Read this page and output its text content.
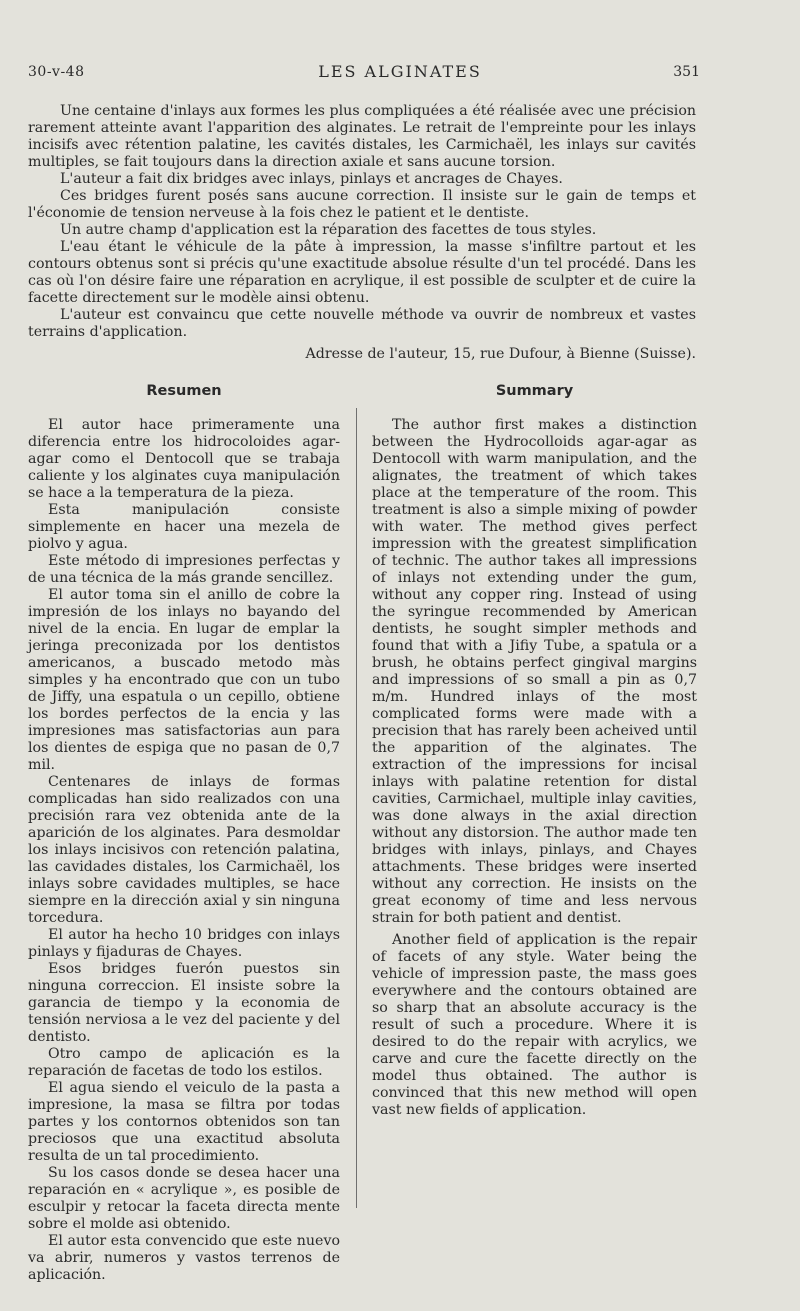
30-v-48	LES ALGINATES	351

Une centaine d'inlays aux formes les plus compliquées a été réalisée avec une précision rarement atteinte avant l'apparition des alginates. Le retrait de l'empreinte pour les inlays incisifs avec rétention palatine, les cavités distales, les Carmichaël, les inlays sur cavités multiples, se fait toujours dans la direction axiale et sans aucune torsion.

L'auteur a fait dix bridges avec inlays, pinlays et ancrages de Chayes.

Ces bridges furent posés sans aucune correction. Il insiste sur le gain de temps et l'économie de tension nerveuse à la fois chez le patient et le dentiste.

Un autre champ d'application est la réparation des facettes de tous styles.

L'eau étant le véhicule de la pâte à impression, la masse s'infiltre partout et les contours obtenus sont si précis qu'une exactitude absolue résulte d'un tel procédé. Dans les cas où l'on désire faire une réparation en acrylique, il est possible de sculpter et de cuire la facette directement sur le modèle ainsi obtenu.

L'auteur est convaincu que cette nouvelle méthode va ouvrir de nombreux et vastes terrains d'application.

Adresse de l'auteur, 15, rue Dufour, à Bienne (Suisse).

Resumen

El autor hace primeramente una diferencia entre los hidrocoloides agar-agar como el Dentocoll que se trabaja caliente y los alginates cuya manipulación se hace a la temperatura de la pieza.

Esta manipulación consiste simplemente en hacer una mezela de piolvo y agua.

Este método di impresiones perfectas y de una técnica de la más grande sencillez.

El autor toma sin el anillo de cobre la impresión de los inlays no bayando del nivel de la encia. En lugar de emplar la jeringa preconizada por los dentistos americanos, a buscado metodo màs simples y ha encontrado que con un tubo de Jiffy, una espatula o un cepillo, obtiene los bordes perfectos de la encia y las impresiones mas satisfactorias aun para los dientes de espiga que no pasan de 0,7 mil.

Centenares de inlays de formas complicadas han sido realizados con una precisión rara vez obtenida ante de la aparición de los alginates. Para desmoldar los inlays incisivos con retención palatina, las cavidades distales, los Carmichaël, los inlays sobre cavidades multiples, se hace siempre en la dirección axial y sin ninguna torcedura.

El autor ha hecho 10 bridges con inlays pinlays y fijaduras de Chayes.

Esos bridges fuerón puestos sin ninguna correccion. El insiste sobre la garancia de tiempo y la economia de tensión nerviosa a le vez del paciente y del dentisto.

Otro campo de aplicación es la reparación de facetas de todo los estilos.

El agua siendo el veiculo de la pasta a impresione, la masa se filtra por todas partes y los contornos obtenidos son tan preciosos que una exactitud absoluta resulta de un tal procedimiento.

Su los casos donde se desea hacer una reparación en « acrylique », es posible de esculpir y retocar la faceta directa mente sobre el molde asi obtenido.

El autor esta convencido que este nuevo va abrir, numeros y vastos terrenos de aplicación.

Summary

The author first makes a distinction between the Hydrocolloids agar-agar as Dentocoll with warm manipulation, and the alignates, the treatment of which takes place at the temperature of the room. This treatment is also a simple mixing of powder with water. The method gives perfect impression with the greatest simplification of technic. The author takes all impressions of inlays not extending under the gum, without any copper ring. Instead of using the syringue recommended by American dentists, he sought simpler methods and found that with a Jifiy Tube, a spatula or a brush, he obtains perfect gingival margins and impressions of so small a pin as 0,7 m/m. Hundred inlays of the most complicated forms were made with a precision that has rarely been acheived until the apparition of the alginates. The extraction of the impressions for incisal inlays with palatine retention for distal cavities, Carmichael, multiple inlay cavities, was done always in the axial direction without any distorsion. The author made ten bridges with inlays, pinlays, and Chayes attachments. These bridges were inserted without any correction. He insists on the great economy of time and less nervous strain for both patient and dentist.

Another field of application is the repair of facets of any style. Water being the vehicle of impression paste, the mass goes everywhere and the contours obtained are so sharp that an absolute accuracy is the result of such a procedure. Where it is desired to do the repair with acrylics, we carve and cure the facette directly on the model thus obtained. The author is convinced that this new method will open vast new fields of application.
